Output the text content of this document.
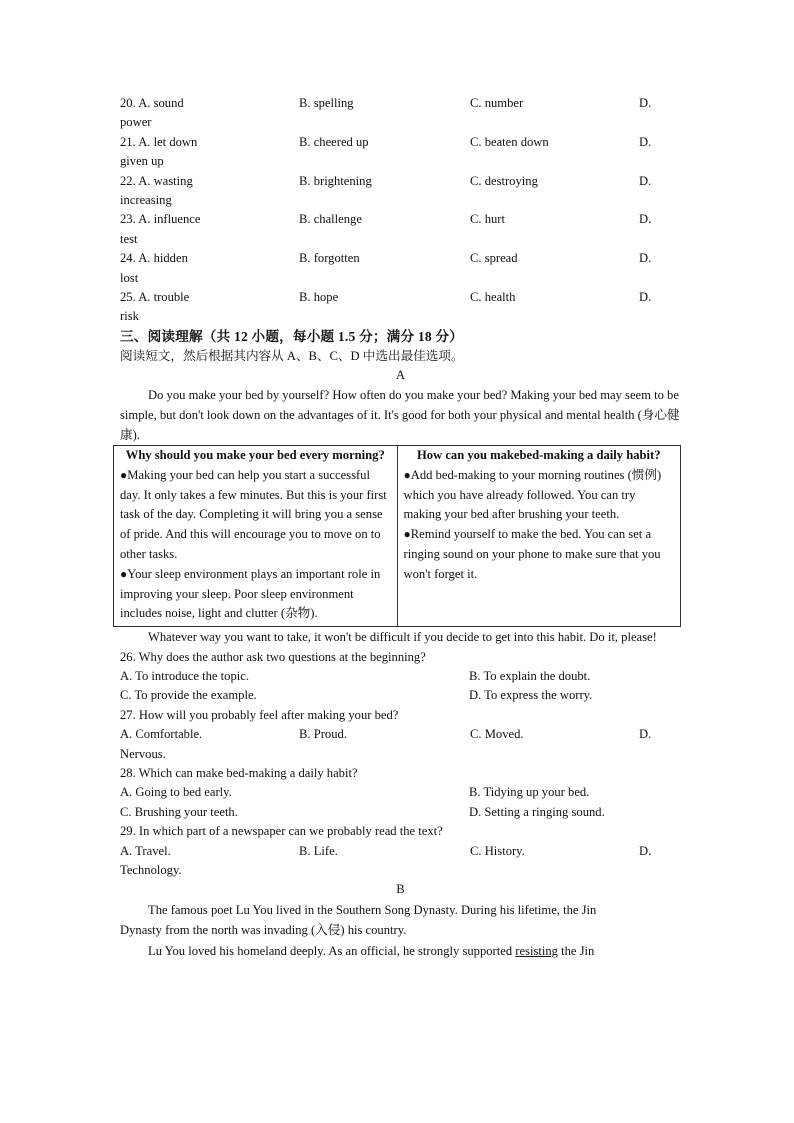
20. A. sound	B. spelling	C. number	D.
power
21. A. let down	B. cheered up	C. beaten down	D.
given up
22. A. wasting	B. brightening	C. destroying	D.
increasing
23. A. influence	B. challenge	C. hurt	D.
test
24. A. hidden	B. forgotten	C. spread	D.
lost
25. A. trouble	B. hope	C. health	D.
risk
三、阅读理解（共 12 小题，每小题 1.5 分；满分 18 分）
阅读短文，然后根据其内容从 A、B、C、D 中选出最佳选项。
A
Do you make your bed by yourself? How often do you make your bed? Making your bed may seem to be simple, but don't look down on the advantages of it. It's good for both your physical and mental health (身心健康).
Why should you make your bed every morning?

●Making your bed can help you start a successful day. It only takes a few minutes. But this is your first task of the day. Completing it will bring you a sense of pride. And this will encourage you to move on to other tasks.

●Your sleep environment plays an important role in improving your sleep. Poor sleep environment includes noise, light and clutter (杂物).

How can you makebed-making a daily habit?

●Add bed-making to your morning routines (惯例) which you have already followed. You can try making your bed after brushing your teeth.

●Remind yourself to make the bed. You can set a ringing sound on your phone to make sure that you won't forget it.

Whatever way you want to take, it won't be difficult if you decide to get into this habit. Do it, please!
26. Why does the author ask two questions at the beginning?
A. To introduce the topic.	B. To explain the doubt.
C. To provide the example.	D. To express the worry.
27. How will you probably feel after making your bed?
A. Comfortable.	B. Proud.	C. Moved.	D.
Nervous.
28. Which can make bed-making a daily habit?
A. Going to bed early.	B. Tidying up your bed.
C. Brushing your teeth.	D. Setting a ringing sound.
29. In which part of a newspaper can we probably read the text?
A. Travel.	B. Life.	C. History.	D.
Technology.
B
The famous poet Lu You lived in the Southern Song Dynasty. During his lifetime, the Jin
Dynasty from the north was invading (入侵) his country.
Lu You loved his homeland deeply. As an official, he strongly supported resisting the Jin
